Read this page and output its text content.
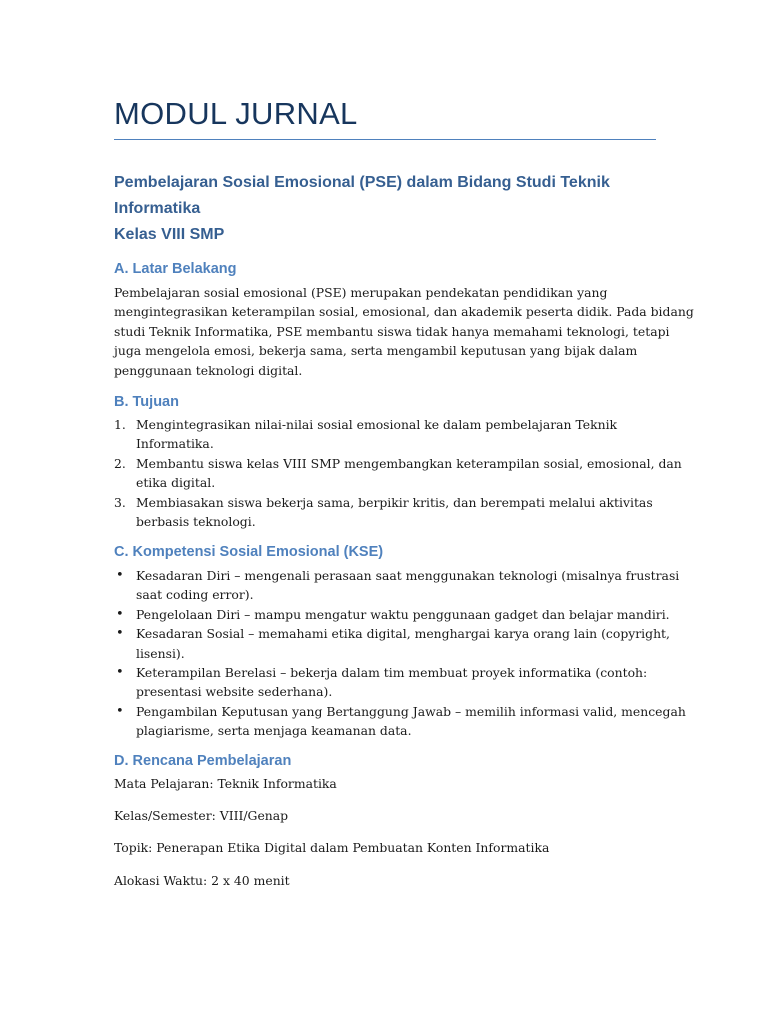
MODUL JURNAL
Pembelajaran Sosial Emosional (PSE) dalam Bidang Studi Teknik
Informatika
Kelas VIII SMP
A. Latar Belakang
Pembelajaran sosial emosional (PSE) merupakan pendekatan pendidikan yang
mengintegrasikan keterampilan sosial, emosional, dan akademik peserta didik. Pada bidang
studi Teknik Informatika, PSE membantu siswa tidak hanya memahami teknologi, tetapi
juga mengelola emosi, bekerja sama, serta mengambil keputusan yang bijak dalam
penggunaan teknologi digital.
B. Tujuan
1. Mengintegrasikan nilai-nilai sosial emosional ke dalam pembelajaran Teknik
Informatika.
2. Membantu siswa kelas VIII SMP mengembangkan keterampilan sosial, emosional, dan
etika digital.
3. Membiasakan siswa bekerja sama, berpikir kritis, dan berempati melalui aktivitas
berbasis teknologi.
C. Kompetensi Sosial Emosional (KSE)
• Kesadaran Diri – mengenali perasaan saat menggunakan teknologi (misalnya frustrasi
saat coding error).
• Pengelolaan Diri – mampu mengatur waktu penggunaan gadget dan belajar mandiri.
• Kesadaran Sosial – memahami etika digital, menghargai karya orang lain (copyright,
lisensi).
• Keterampilan Berelasi – bekerja dalam tim membuat proyek informatika (contoh:
presentasi website sederhana).
• Pengambilan Keputusan yang Bertanggung Jawab – memilih informasi valid, mencegah
plagiarisme, serta menjaga keamanan data.
D. Rencana Pembelajaran

Mata Pelajaran: Teknik Informatika

Kelas/Semester: VIII/Genap

Topik: Penerapan Etika Digital dalam Pembuatan Konten Informatika

Alokasi Waktu: 2 x 40 menit
